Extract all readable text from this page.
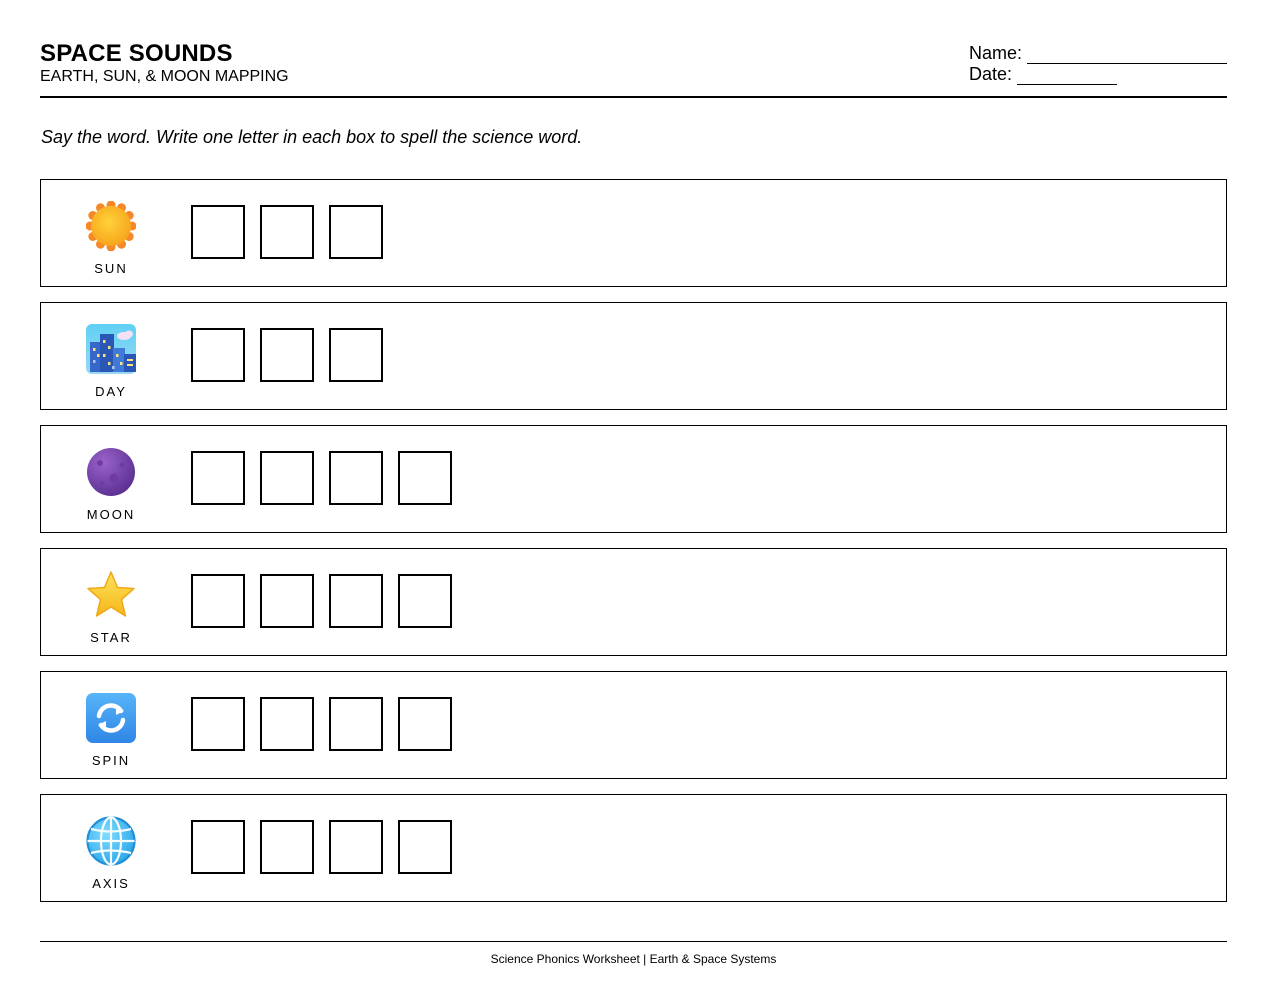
SPACE SOUNDS
EARTH, SUN, & MOON MAPPING
Name:
Date:
Say the word. Write one letter in each box to spell the science word.
SUN
DAY
MOON
STAR
SPIN
AXIS
Science Phonics Worksheet | Earth & Space Systems
